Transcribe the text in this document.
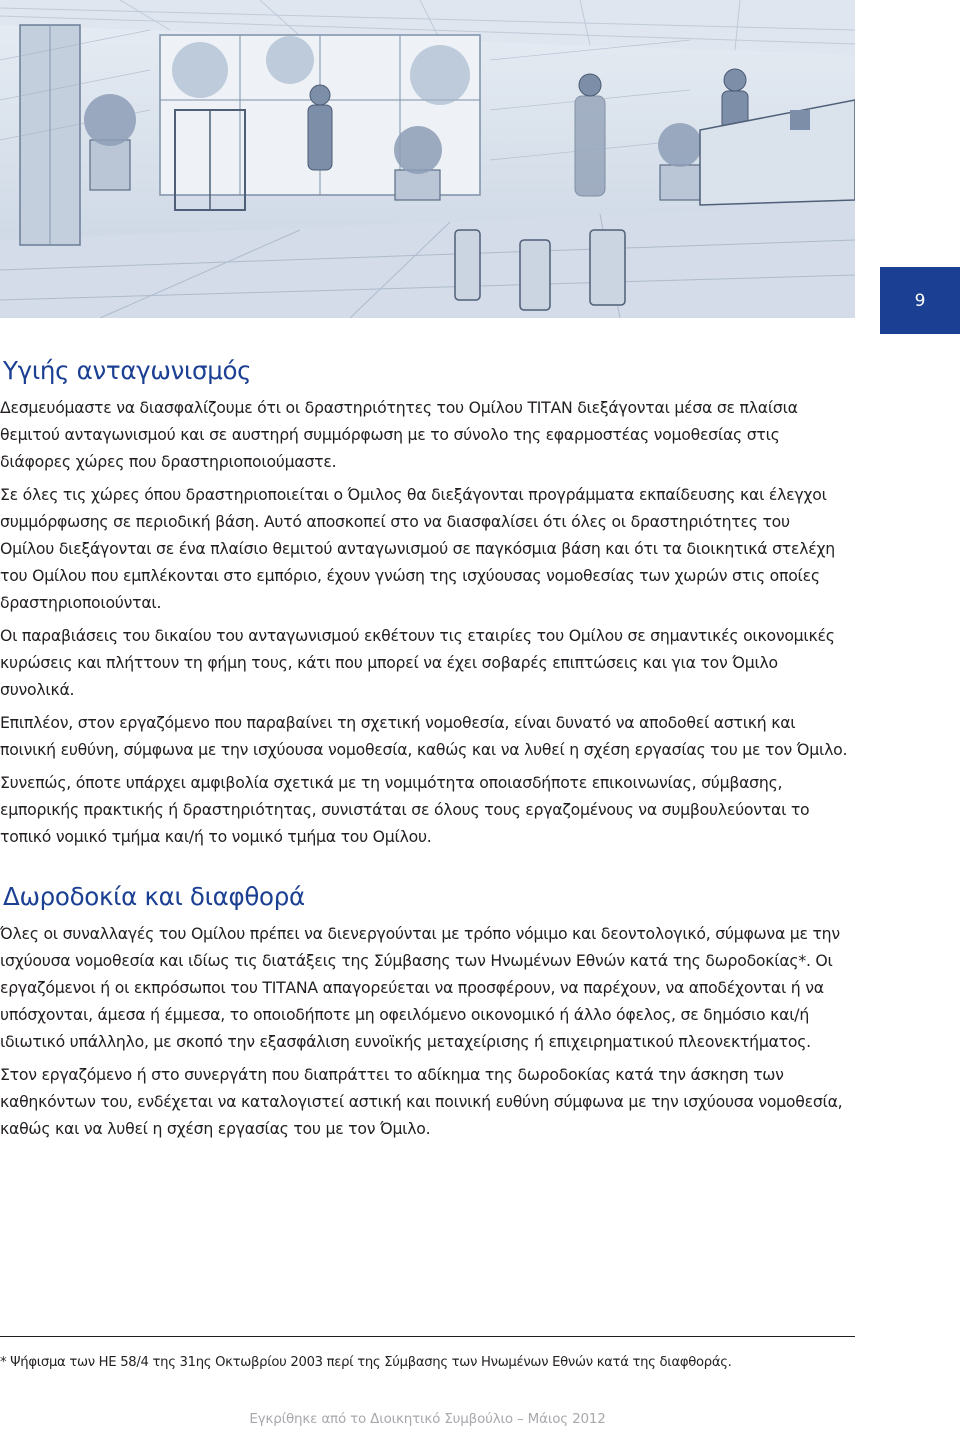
9
Υγιής ανταγωνισμός

Δεσμευόμαστε να διασφαλίζουμε ότι οι δραστηριότητες του Ομίλου ΤΙΤΑΝ διεξάγονται μέσα σε πλαίσια θεμιτού ανταγωνισμού και σε αυστηρή συμμόρφωση με το σύνολο της εφαρμοστέας νομοθεσίας στις διάφορες χώρες που δραστηριοποιούμαστε.

Σε όλες τις χώρες όπου δραστηριοποιείται ο Όμιλος θα διεξάγονται προγράμματα εκπαίδευσης και έλεγχοι συμμόρφωσης σε περιοδική βάση. Αυτό αποσκοπεί στο να διασφαλίσει ότι όλες οι δραστηριότητες του Ομίλου διεξάγονται σε ένα πλαίσιο θεμιτού ανταγωνισμού σε παγκόσμια βάση και ότι τα διοικητικά στελέχη του Ομίλου που εμπλέκονται στο εμπόριο, έχουν γνώση της ισχύουσας νομοθεσίας των χωρών στις οποίες δραστηριοποιούνται.

Οι παραβιάσεις του δικαίου του ανταγωνισμού εκθέτουν τις εταιρίες του Ομίλου σε σημαντικές οικονομικές κυρώσεις και πλήττουν τη φήμη τους, κάτι που μπορεί να έχει σοβαρές επιπτώσεις και για τον Όμιλο συνολικά.

Επιπλέον, στον εργαζόμενο που παραβαίνει τη σχετική νομοθεσία, είναι δυνατό να αποδοθεί αστική και ποινική ευθύνη, σύμφωνα με την ισχύουσα νομοθεσία, καθώς και να λυθεί η σχέση εργασίας του με τον Όμιλο.

Συνεπώς, όποτε υπάρχει αμφιβολία σχετικά με τη νομιμότητα οποιασδήποτε επικοινωνίας, σύμβασης, εμπορικής πρακτικής ή δραστηριότητας, συνιστάται σε όλους τους εργαζομένους να συμβουλεύονται το τοπικό νομικό τμήμα και/ή το νομικό τμήμα του Ομίλου.

Δωροδοκία και διαφθορά

Όλες οι συναλλαγές του Ομίλου πρέπει να διενεργούνται με τρόπο νόμιμο και δεοντολογικό, σύμφωνα με την ισχύουσα νομοθεσία και ιδίως τις διατάξεις της Σύμβασης των Ηνωμένων Εθνών κατά της δωροδοκίας*. Οι εργαζόμενοι ή οι εκπρόσωποι του ΤΙΤΑΝΑ απαγορεύεται να προσφέρουν, να παρέχουν, να αποδέχονται ή να υπόσχονται, άμεσα ή έμμεσα, το οποιοδήποτε μη οφειλόμενο οικονομικό ή άλλο όφελος, σε δημόσιο και/ή ιδιωτικό υπάλληλο, με σκοπό την εξασφάλιση ευνοϊκής μεταχείρισης ή επιχειρηματικού πλεονεκτήματος.

Στον εργαζόμενο ή στο συνεργάτη που διαπράττει το αδίκημα της δωροδοκίας κατά την άσκηση των καθηκόντων του, ενδέχεται να καταλογιστεί αστική και ποινική ευθύνη σύμφωνα με την ισχύουσα νομοθεσία, καθώς και να λυθεί η σχέση εργασίας του με τον Όμιλο.

* Ψήφισμα των ΗΕ 58/4 της 31ης Οκτωβρίου 2003 περί της Σύμβασης των Ηνωμένων Εθνών κατά της διαφθοράς.
Εγκρίθηκε από το Διοικητικό Συμβούλιο – Μάιος 2012
